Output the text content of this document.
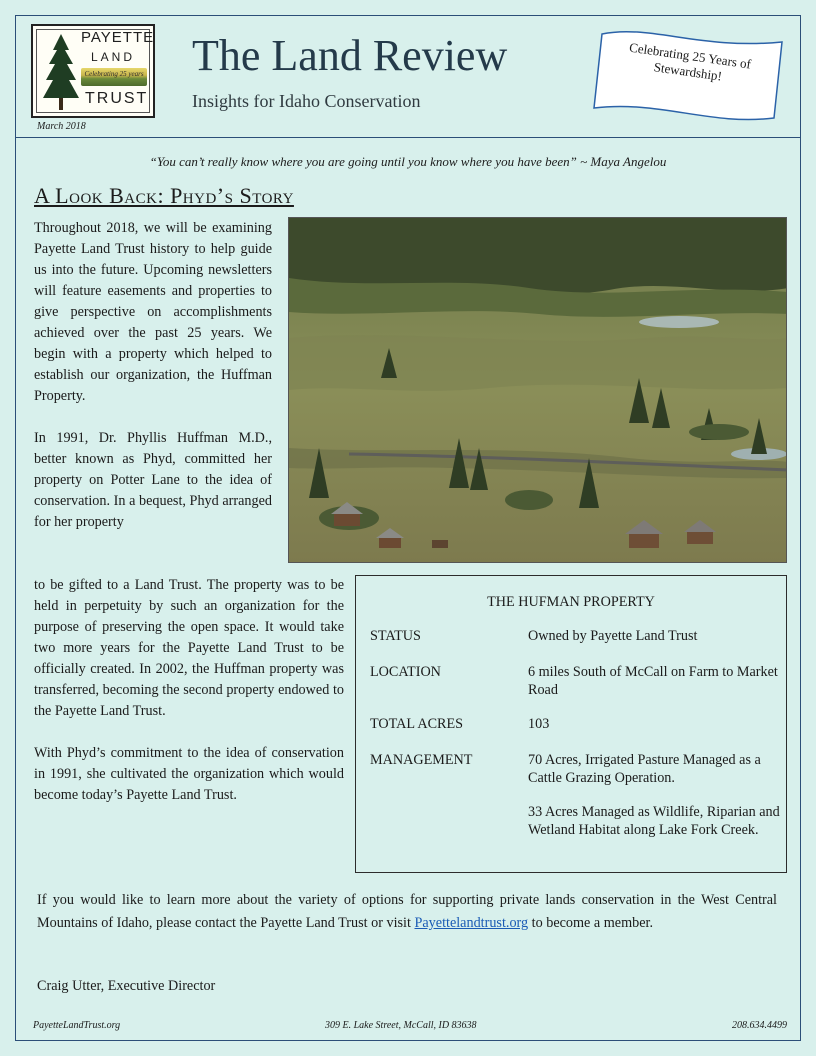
PAYETTE
LAND
Celebrating 25 years
TRUST
March 2018
The Land Review
Insights for Idaho Conservation
Celebrating 25 Years of Stewardship!
“You can’t really know where you are going until you know where you have been” ~ Maya Angelou
A Look Back: Phyd’s Story

Throughout 2018, we will be examining Payette Land Trust history to help guide us into the future. Upcoming newsletters will feature easements and properties to give perspective on accomplishments achieved over the past 25 years. We begin with a property which helped to establish our organization, the Huffman Property.

In 1991, Dr. Phyllis Huffman M.D., better known as Phyd, committed her property on Potter Lane to the idea of conservation. In a bequest, Phyd arranged for her property

to be gifted to a Land Trust. The property was to be held in perpetuity by such an organization for the purpose of preserving the open space. It would take two more years for the Payette Land Trust to be officially created. In 2002, the Huffman property was transferred, becoming the second property endowed to the Payette Land Trust.

With Phyd’s commitment to the idea of conservation in 1991, she cultivated the organization which would become today’s Payette Land Trust.

THE HUFMAN PROPERTY
STATUS	Owned by Payette Land Trust
LOCATION	6 miles South of McCall on Farm to Market Road
TOTAL ACRES	103
MANAGEMENT	70 Acres, Irrigated Pasture Managed as a Cattle Grazing Operation.
33 Acres Managed as Wildlife, Riparian and Wetland Habitat along Lake Fork Creek.
If you would like to learn more about the variety of options for supporting private lands conservation in the West Central Mountains of Idaho, please contact the Payette Land Trust or visit Payettelandtrust.org to become a member.
Craig Utter, Executive Director
PayetteLandTrust.org	309 E. Lake Street, McCall, ID 83638	208.634.4499
